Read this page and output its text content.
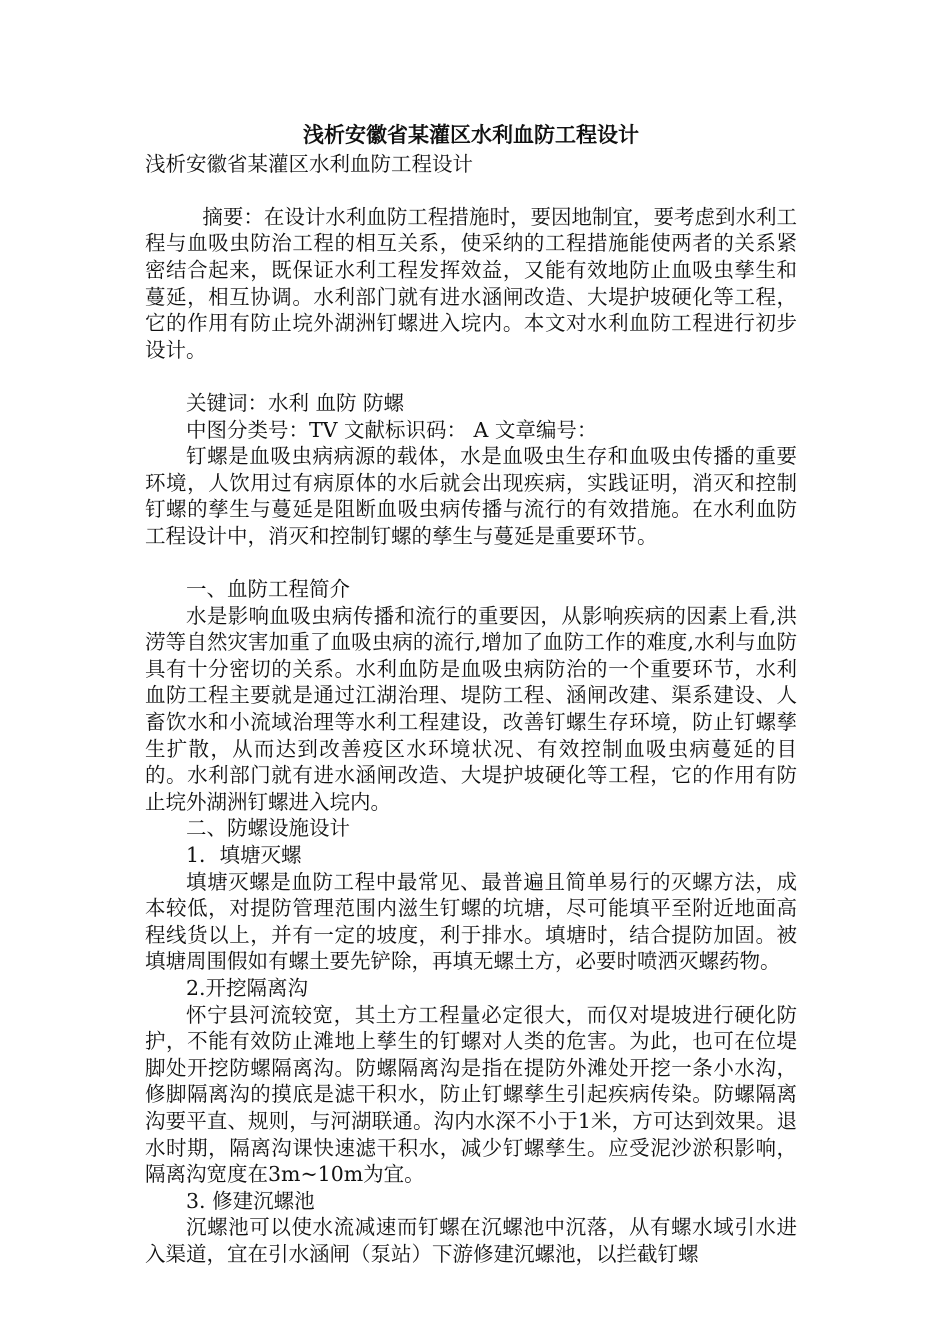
浅析安徽省某灌区水利血防工程设计

浅析安徽省某灌区水利血防工程设计

摘要：在设计水利血防工程措施时，要因地制宜，要考虑到水利工程与血吸虫防治工程的相互关系，使采纳的工程措施能使两者的关系紧密结合起来，既保证水利工程发挥效益，又能有效地防止血吸虫孳生和蔓延，相互协调。水利部门就有进水涵闸改造、大堤护坡硬化等工程，它的作用有防止垸外湖洲钉螺进入垸内。本文对水利血防工程进行初步设计。

关键词：水利 血防 防螺

中图分类号：TV 文献标识码： A 文章编号：

钉螺是血吸虫病病源的载体，水是血吸虫生存和血吸虫传播的重要环境，人饮用过有病原体的水后就会出现疾病，实践证明，消灭和控制钉螺的孳生与蔓延是阻断血吸虫病传播与流行的有效措施。在水利血防工程设计中，消灭和控制钉螺的孳生与蔓延是重要环节。

一、血防工程简介

水是影响血吸虫病传播和流行的重要因，从影响疾病的因素上看,洪涝等自然灾害加重了血吸虫病的流行,增加了血防工作的难度,水利与血防具有十分密切的关系。水利血防是血吸虫病防治的一个重要环节，水利血防工程主要就是通过江湖治理、堤防工程、涵闸改建、渠系建设、人畜饮水和小流域治理等水利工程建设，改善钉螺生存环境，防止钉螺孳生扩散，从而达到改善疫区水环境状况、有效控制血吸虫病蔓延的目的。水利部门就有进水涵闸改造、大堤护坡硬化等工程，它的作用有防止垸外湖洲钉螺进入垸内。

二、防螺设施设计

1．填塘灭螺

填塘灭螺是血防工程中最常见、最普遍且简单易行的灭螺方法，成本较低，对提防管理范围内滋生钉螺的坑塘，尽可能填平至附近地面高程线货以上，并有一定的坡度，利于排水。填塘时，结合提防加固。被填塘周围假如有螺土要先铲除，再填无螺土方，必要时喷洒灭螺药物。

2.开挖隔离沟

怀宁县河流较宽，其土方工程量必定很大，而仅对堤坡进行硬化防护，不能有效防止滩地上孳生的钉螺对人类的危害。为此，也可在位堤脚处开挖防螺隔离沟。防螺隔离沟是指在提防外滩处开挖一条小水沟，修脚隔离沟的摸底是滤干积水，防止钉螺孳生引起疾病传染。防螺隔离沟要平直、规则，与河湖联通。沟内水深不小于1米，方可达到效果。退水时期，隔离沟课快速滤干积水，减少钉螺孳生。应受泥沙淤积影响，隔离沟宽度在3m~10m为宜。

3. 修建沉螺池

沉螺池可以使水流减速而钉螺在沉螺池中沉落，从有螺水域引水进入渠道，宜在引水涵闸（泵站）下游修建沉螺池，以拦截钉螺
